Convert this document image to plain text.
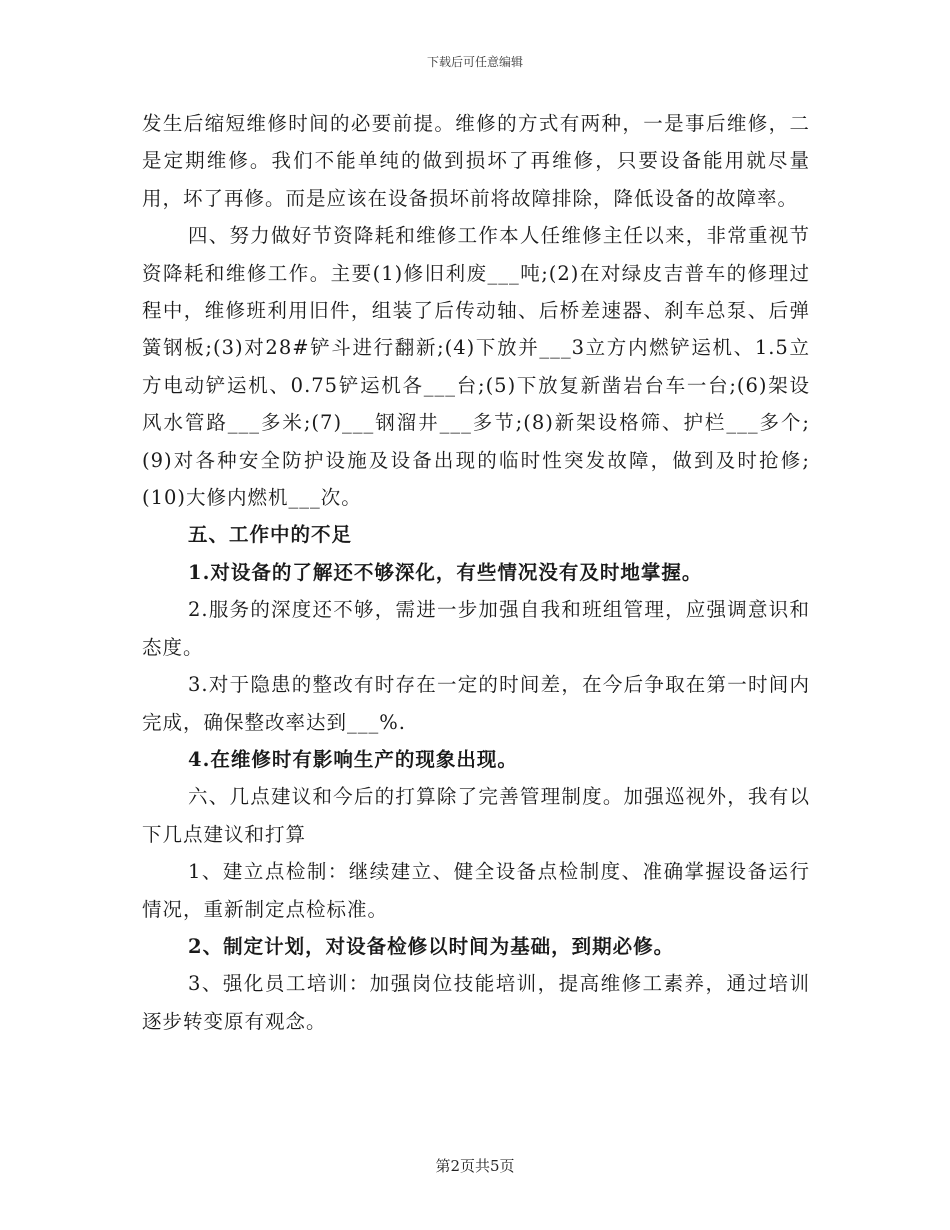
下载后可任意编辑

发生后缩短维修时间的必要前提。维修的方式有两种，一是事后维修，二是定期维修。我们不能单纯的做到损坏了再维修，只要设备能用就尽量用，坏了再修。而是应该在设备损坏前将故障排除，降低设备的故障率。

四、努力做好节资降耗和维修工作本人任维修主任以来，非常重视节资降耗和维修工作。主要(1)修旧利废___吨;(2)在对绿皮吉普车的修理过程中，维修班利用旧件，组装了后传动轴、后桥差速器、刹车总泵、后弹簧钢板;(3)对28#铲斗进行翻新;(4)下放并___3立方内燃铲运机、1.5立方电动铲运机、0.75铲运机各___台;(5)下放复新凿岩台车一台;(6)架设风水管路___多米;(7)___钢溜井___多节;(8)新架设格筛、护栏___多个;(9)对各种安全防护设施及设备出现的临时性突发故障，做到及时抢修;(10)大修内燃机___次。

五、工作中的不足

1.对设备的了解还不够深化，有些情况没有及时地掌握。

2.服务的深度还不够，需进一步加强自我和班组管理，应强调意识和态度。

3.对于隐患的整改有时存在一定的时间差，在今后争取在第一时间内完成，确保整改率达到___%.

4.在维修时有影响生产的现象出现。

六、几点建议和今后的打算除了完善管理制度。加强巡视外，我有以下几点建议和打算

1、建立点检制：继续建立、健全设备点检制度、准确掌握设备运行情况，重新制定点检标准。

2、制定计划，对设备检修以时间为基础，到期必修。

3、强化员工培训：加强岗位技能培训，提高维修工素养，通过培训逐步转变原有观念。

第2页共5页
